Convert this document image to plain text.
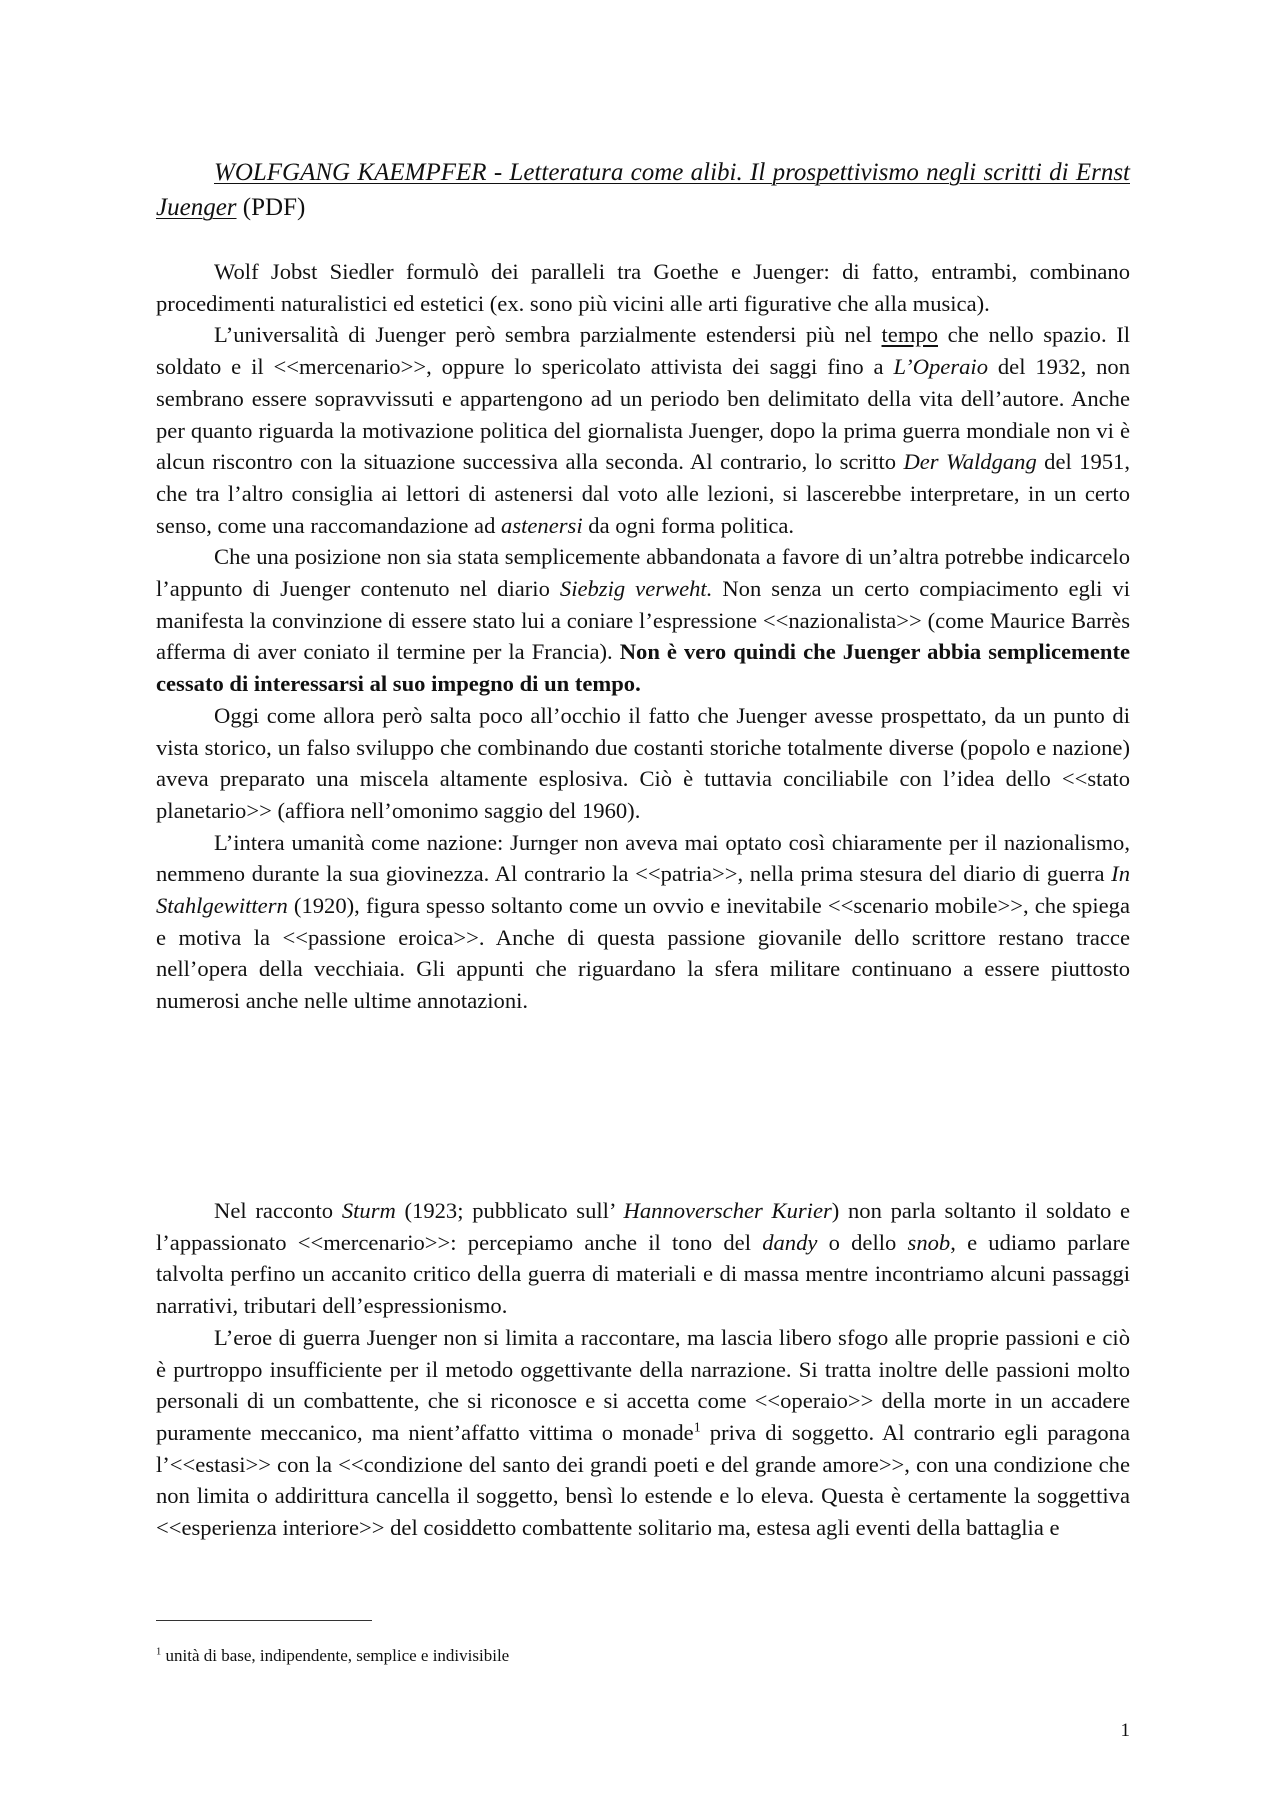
WOLFGANG KAEMPFER - Letteratura come alibi. Il prospettivismo negli scritti di Ernst Juenger (PDF)

Wolf Jobst Siedler formulò dei paralleli tra Goethe e Juenger: di fatto, entrambi, combinano procedimenti naturalistici ed estetici (ex. sono più vicini alle arti figurative che alla musica).

L’universalità di Juenger però sembra parzialmente estendersi più nel tempo che nello spazio. Il soldato e il <<mercenario>>, oppure lo spericolato attivista dei saggi fino a L’Operaio del 1932, non sembrano essere sopravvissuti e appartengono ad un periodo ben delimitato della vita dell’autore. Anche per quanto riguarda la motivazione politica del giornalista Juenger, dopo la prima guerra mondiale non vi è alcun riscontro con la situazione successiva alla seconda. Al contrario, lo scritto Der Waldgang del 1951, che tra l’altro consiglia ai lettori di astenersi dal voto alle lezioni, si lascerebbe interpretare, in un certo senso, come una raccomandazione ad astenersi da ogni forma politica.

Che una posizione non sia stata semplicemente abbandonata a favore di un’altra potrebbe indicarcelo l’appunto di Juenger contenuto nel diario Siebzig verweht. Non senza un certo compiacimento egli vi manifesta la convinzione di essere stato lui a coniare l’espressione <<nazionalista>> (come Maurice Barrès afferma di aver coniato il termine per la Francia). Non è vero quindi che Juenger abbia semplicemente cessato di interessarsi al suo impegno di un tempo.

Oggi come allora però salta poco all’occhio il fatto che Juenger avesse prospettato, da un punto di vista storico, un falso sviluppo che combinando due costanti storiche totalmente diverse (popolo e nazione) aveva preparato una miscela altamente esplosiva. Ciò è tuttavia conciliabile con l’idea dello <<stato planetario>> (affiora nell’omonimo saggio del 1960).

L’intera umanità come nazione: Jurnger non aveva mai optato così chiaramente per il nazionalismo, nemmeno durante la sua giovinezza. Al contrario la <<patria>>, nella prima stesura del diario di guerra In Stahlgewittern (1920), figura spesso soltanto come un ovvio e inevitabile <<scenario mobile>>, che spiega e motiva la <<passione eroica>>. Anche di questa passione giovanile dello scrittore restano tracce nell’opera della vecchiaia. Gli appunti che riguardano la sfera militare continuano a essere piuttosto numerosi anche nelle ultime annotazioni.

Nel racconto Sturm (1923; pubblicato sull’ Hannoverscher Kurier) non parla soltanto il soldato e l’appassionato <<mercenario>>: percepiamo anche il tono del dandy o dello snob, e udiamo parlare talvolta perfino un accanito critico della guerra di materiali e di massa mentre incontriamo alcuni passaggi narrativi, tributari dell’espressionismo.

L’eroe di guerra Juenger non si limita a raccontare, ma lascia libero sfogo alle proprie passioni e ciò è purtroppo insufficiente per il metodo oggettivante della narrazione. Si tratta inoltre delle passioni molto personali di un combattente, che si riconosce e si accetta come <<operaio>> della morte in un accadere puramente meccanico, ma nient’affatto vittima o monade$^1$ priva di soggetto. Al contrario egli paragona l’<<estasi>> con la <<condizione del santo dei grandi poeti e del grande amore>>, con una condizione che non limita o addirittura cancella il soggetto, bensì lo estende e lo eleva. Questa è certamente la soggettiva <<esperienza interiore>> del cosiddetto combattente solitario ma, estesa agli eventi della battaglia e

$^1$ unità di base, indipendente, semplice e indivisibile
1
